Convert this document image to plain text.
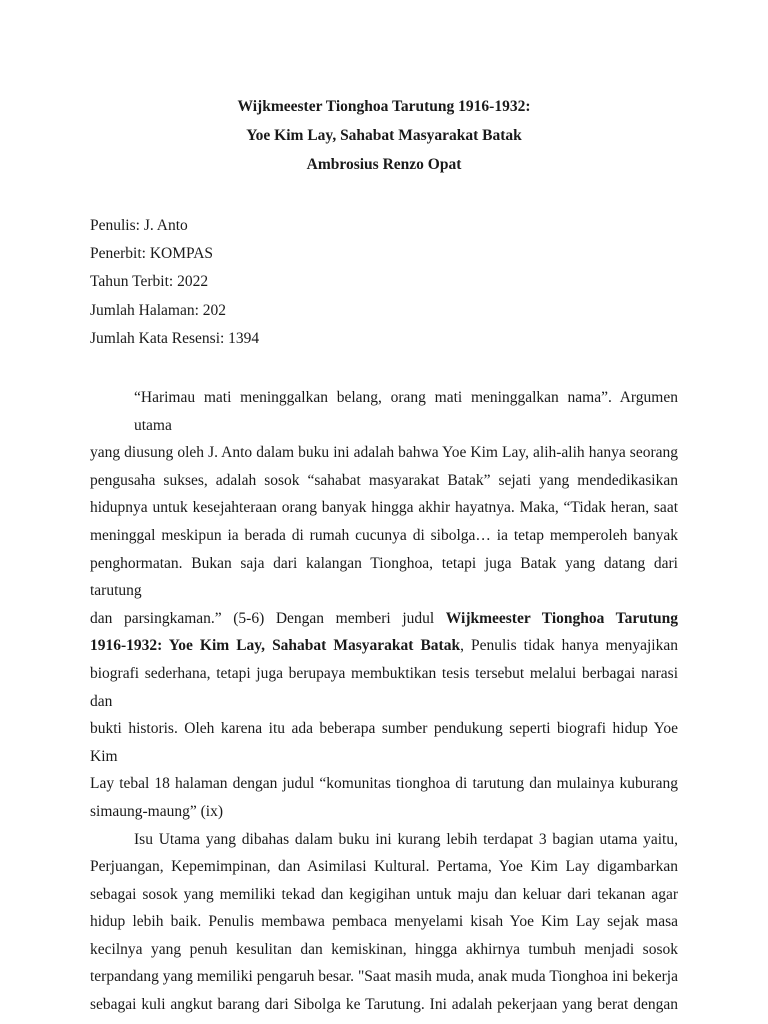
Wijkmeester Tionghoa Tarutung 1916-1932:
Yoe Kim Lay, Sahabat Masyarakat Batak
Ambrosius Renzo Opat
Penulis: J. Anto
Penerbit: KOMPAS
Tahun Terbit: 2022
Jumlah Halaman: 202
Jumlah Kata Resensi: 1394
“Harimau mati meninggalkan belang, orang mati meninggalkan nama”. Argumen utama
yang diusung oleh J. Anto dalam buku ini adalah bahwa Yoe Kim Lay, alih-alih hanya seorang
pengusaha sukses, adalah sosok “sahabat masyarakat Batak” sejati yang mendedikasikan
hidupnya untuk kesejahteraan orang banyak hingga akhir hayatnya. Maka, “Tidak heran, saat
meninggal meskipun ia berada di rumah cucunya di sibolga… ia tetap memperoleh banyak
penghormatan. Bukan saja dari kalangan Tionghoa, tetapi juga Batak yang datang dari tarutung
dan parsingkaman.” (5-6) Dengan memberi judul Wijkmeester Tionghoa Tarutung
1916-1932: Yoe Kim Lay, Sahabat Masyarakat Batak, Penulis tidak hanya menyajikan
biografi sederhana, tetapi juga berupaya membuktikan tesis tersebut melalui berbagai narasi dan
bukti historis. Oleh karena itu ada beberapa sumber pendukung seperti biografi hidup Yoe Kim
Lay tebal 18 halaman dengan judul “komunitas tionghoa di tarutung dan mulainya kuburang
simaung-maung” (ix)
Isu Utama yang dibahas dalam buku ini kurang lebih terdapat 3 bagian utama yaitu,
Perjuangan, Kepemimpinan, dan Asimilasi Kultural. Pertama, Yoe Kim Lay digambarkan
sebagai sosok yang memiliki tekad dan kegigihan untuk maju dan keluar dari tekanan agar
hidup lebih baik. Penulis membawa pembaca menyelami kisah Yoe Kim Lay sejak masa
kecilnya yang penuh kesulitan dan kemiskinan, hingga akhirnya tumbuh menjadi sosok
terpandang yang memiliki pengaruh besar. "Saat masih muda, anak muda Tionghoa ini bekerja
sebagai kuli angkut barang dari Sibolga ke Tarutung. Ini adalah pekerjaan yang berat dengan
